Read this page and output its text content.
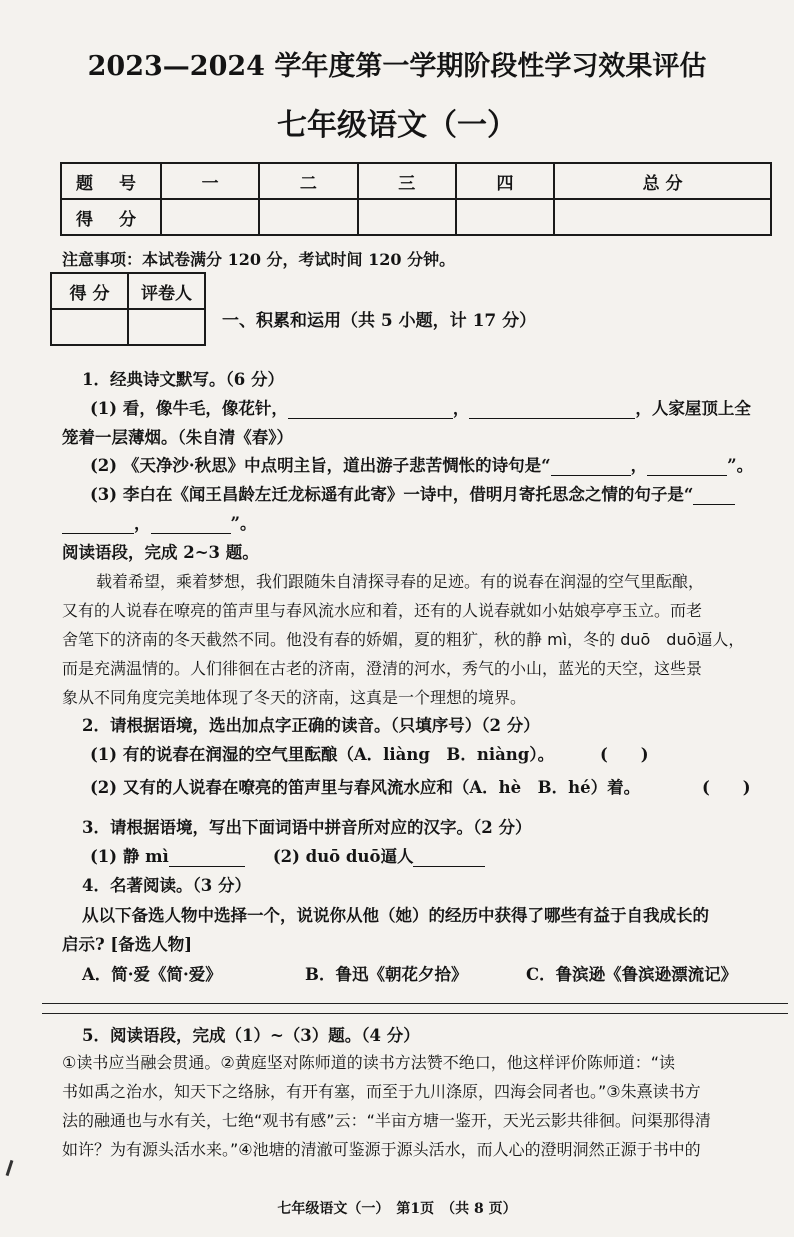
2023—2024 学年度第一学期阶段性学习效果评估
七年级语文（一）
题 号	一	二	三	四	总 分
得 分					
注意事项：本试卷满分 120 分，考试时间 120 分钟。
得 分	评卷人

一、积累和运用（共 5 小题，计 17 分）
1．经典诗文默写。（6 分）
(1) 看，像牛毛，像花针，	，	，人家屋顶上全
笼着一层薄烟。（朱自清《春》）
(2) 《天净沙·秋思》中点明主旨，道出游子悲苦惆怅的诗句是“	，	”。
(3) 李白在《闻王昌龄左迁龙标遥有此寄》一诗中，借明月寄托思念之情的句子是“
，	”。
阅读语段，完成 2~3 题。
载着希望，乘着梦想，我们跟随朱自清探寻春的足迹。有的说春在润湿的空气里酝酿，
又有的人说春在嘹亮的笛声里与春风流水应和着，还有的人说春就如小姑娘亭亭玉立。而老
舍笔下的济南的冬天截然不同。他没有春的娇媚，夏的粗犷，秋的静 mì，冬的 duō　duō逼人，
而是充满温情的。人们徘徊在古老的济南，澄清的河水，秀气的小山，蓝光的天空，这些景
象从不同角度完美地体现了冬天的济南，这真是一个理想的境界。
2．请根据语境，选出加点字正确的读音。（只填序号）（2 分）
(1) 有的说春在润湿的空气里酝酿（A．liàng　B．niàng）。	(　　)
(2) 又有的人说春在嘹亮的笛声里与春风流水应和（A．hè　B．hé）着。	(　　)
3．请根据语境，写出下面词语中拼音所对应的汉字。（2 分）
(1) 静 mì	(2) duō duō逼人
4．名著阅读。（3 分）
从以下备选人物中选择一个，说说你从他（她）的经历中获得了哪些有益于自我成长的
启示? [备选人物]
A．简·爱《简·爱》	B．鲁迅《朝花夕拾》	C．鲁滨逊《鲁滨逊漂流记》
5．阅读语段，完成（1）~（3）题。（4 分）
①读书应当融会贯通。②黄庭坚对陈师道的读书方法赞不绝口，他这样评价陈师道：“读
书如禹之治水，知天下之络脉，有开有塞，而至于九川涤原，四海会同者也。”③朱熹读书方
法的融通也与水有关，七绝“观书有感”云：“半亩方塘一鉴开，天光云影共徘徊。问渠那得清
如许？为有源头活水来。”④池塘的清澈可鉴源于源头活水，而人心的澄明洞然正源于书中的
七年级语文（一）　第1页　（共 8 页）
